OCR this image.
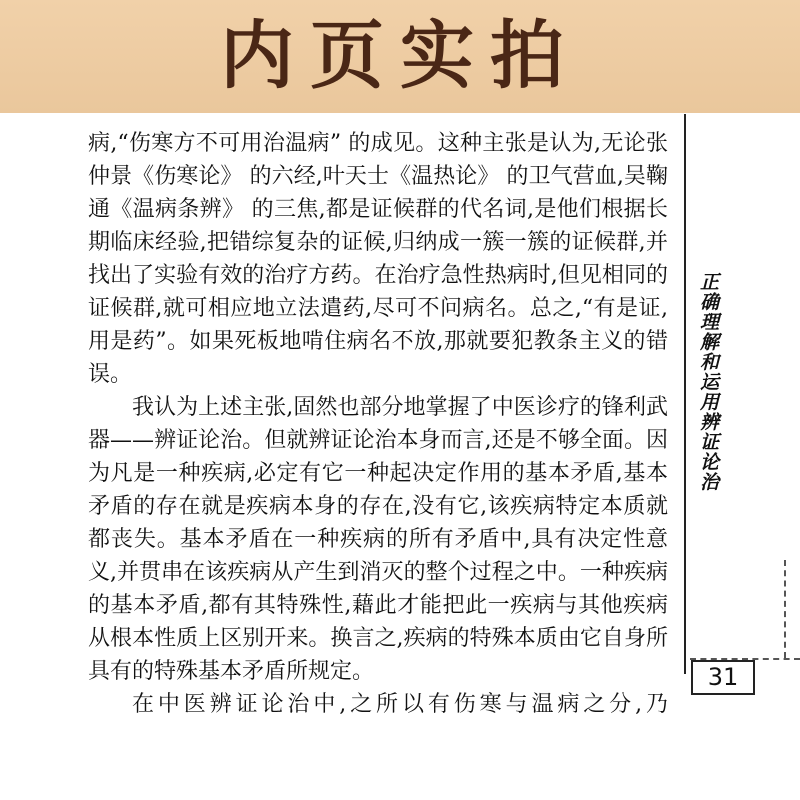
内页实拍

病,“伤寒方不可用治温病” 的成见。这种主张是认为,无论张仲景《伤寒论》 的六经,叶天士《温热论》 的卫气营血,吴鞠通《温病条辨》 的三焦,都是证候群的代名词,是他们根据长期临床经验,把错综复杂的证候,归纳成一簇一簇的证候群,并找出了实验有效的治疗方药。在治疗急性热病时,但见相同的证候群,就可相应地立法遣药,尽可不问病名。总之,“有是证,用是药”。如果死板地啃住病名不放,那就要犯教条主义的错误。

我认为上述主张,固然也部分地掌握了中医诊疗的锋利武器——辨证论治。但就辨证论治本身而言,还是不够全面。因为凡是一种疾病,必定有它一种起决定作用的基本矛盾,基本矛盾的存在就是疾病本身的存在,没有它,该疾病特定本质就都丧失。基本矛盾在一种疾病的所有矛盾中,具有决定性意义,并贯串在该疾病从产生到消灭的整个过程之中。一种疾病的基本矛盾,都有其特殊性,藉此才能把此一疾病与其他疾病从根本性质上区别开来。换言之,疾病的特殊本质由它自身所具有的特殊基本矛盾所规定。

在中医辨证论治中,之所以有伤寒与温病之分,乃

正确理解和运用辨证论治
31
